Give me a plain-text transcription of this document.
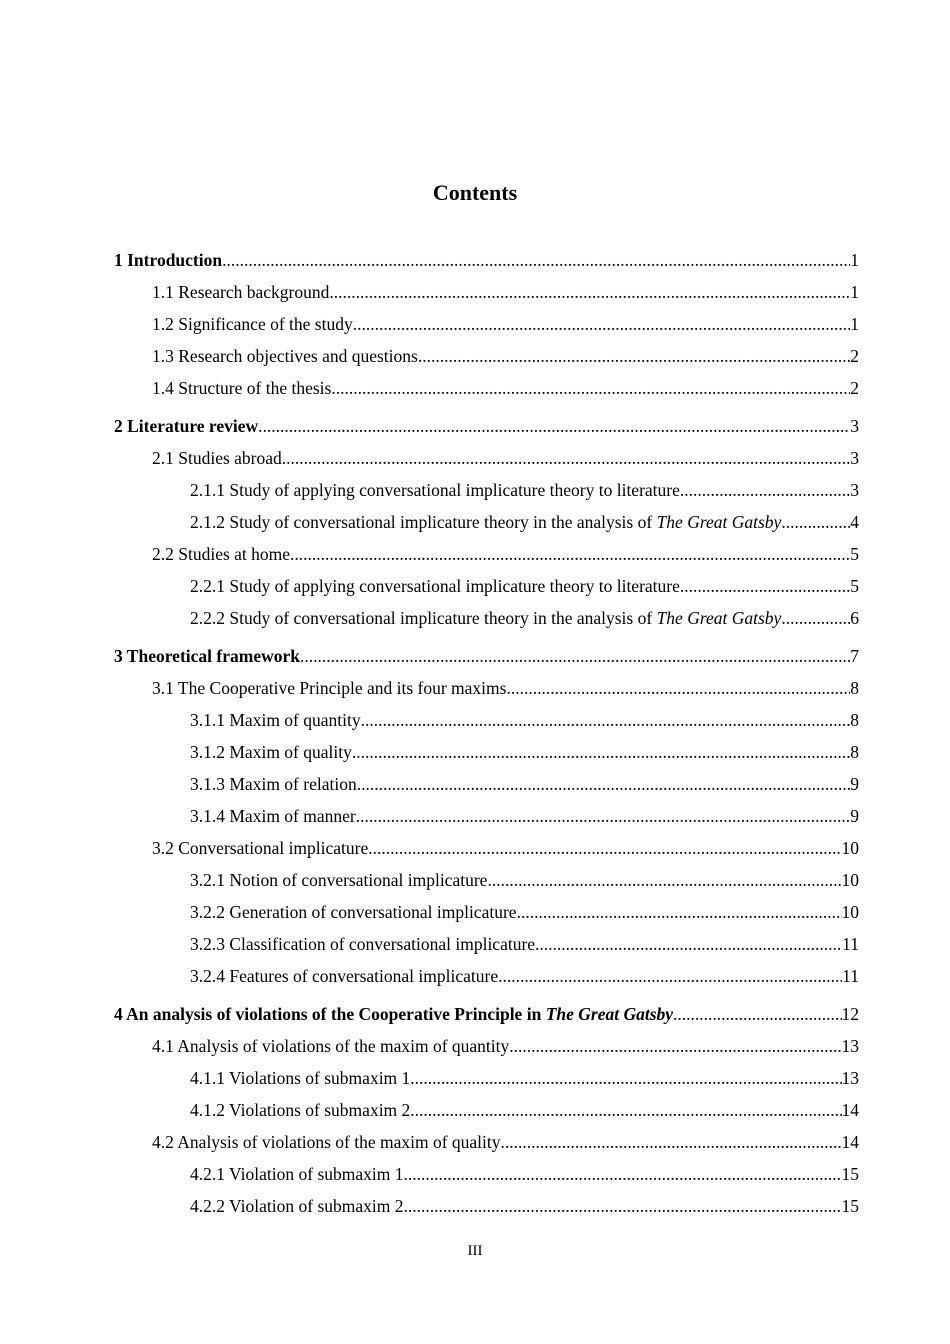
Contents
1 Introduction .....	1
1.1 Research background .....	1
1.2 Significance of the study .....	1
1.3 Research objectives and questions .....	2
1.4 Structure of the thesis .....	2
2 Literature review .....	3
2.1 Studies abroad .....	3
2.1.1 Study of applying conversational implicature theory to literature .....	3
2.1.2 Study of conversational implicature theory in the analysis of The Great Gatsby .....	4
2.2 Studies at home .....	5
2.2.1 Study of applying conversational implicature theory to literature .....	5
2.2.2 Study of conversational implicature theory in the analysis of The Great Gatsby .....	6
3 Theoretical framework .....	7
3.1 The Cooperative Principle and its four maxims .....	8
3.1.1 Maxim of quantity .....	8
3.1.2 Maxim of quality .....	8
3.1.3 Maxim of relation .....	9
3.1.4 Maxim of manner .....	9
3.2 Conversational implicature .....	10
3.2.1 Notion of conversational implicature .....	10
3.2.2 Generation of conversational implicature .....	10
3.2.3 Classification of conversational implicature .....	11
3.2.4 Features of conversational implicature .....	11
4 An analysis of violations of the Cooperative Principle in The Great Gatsby .....	12
4.1 Analysis of violations of the maxim of quantity .....	13
4.1.1 Violations of submaxim 1 .....	13
4.1.2 Violations of submaxim 2 .....	14
4.2 Analysis of violations of the maxim of quality .....	14
4.2.1 Violation of submaxim 1 .....	15
4.2.2 Violation of submaxim 2 .....	15
III
